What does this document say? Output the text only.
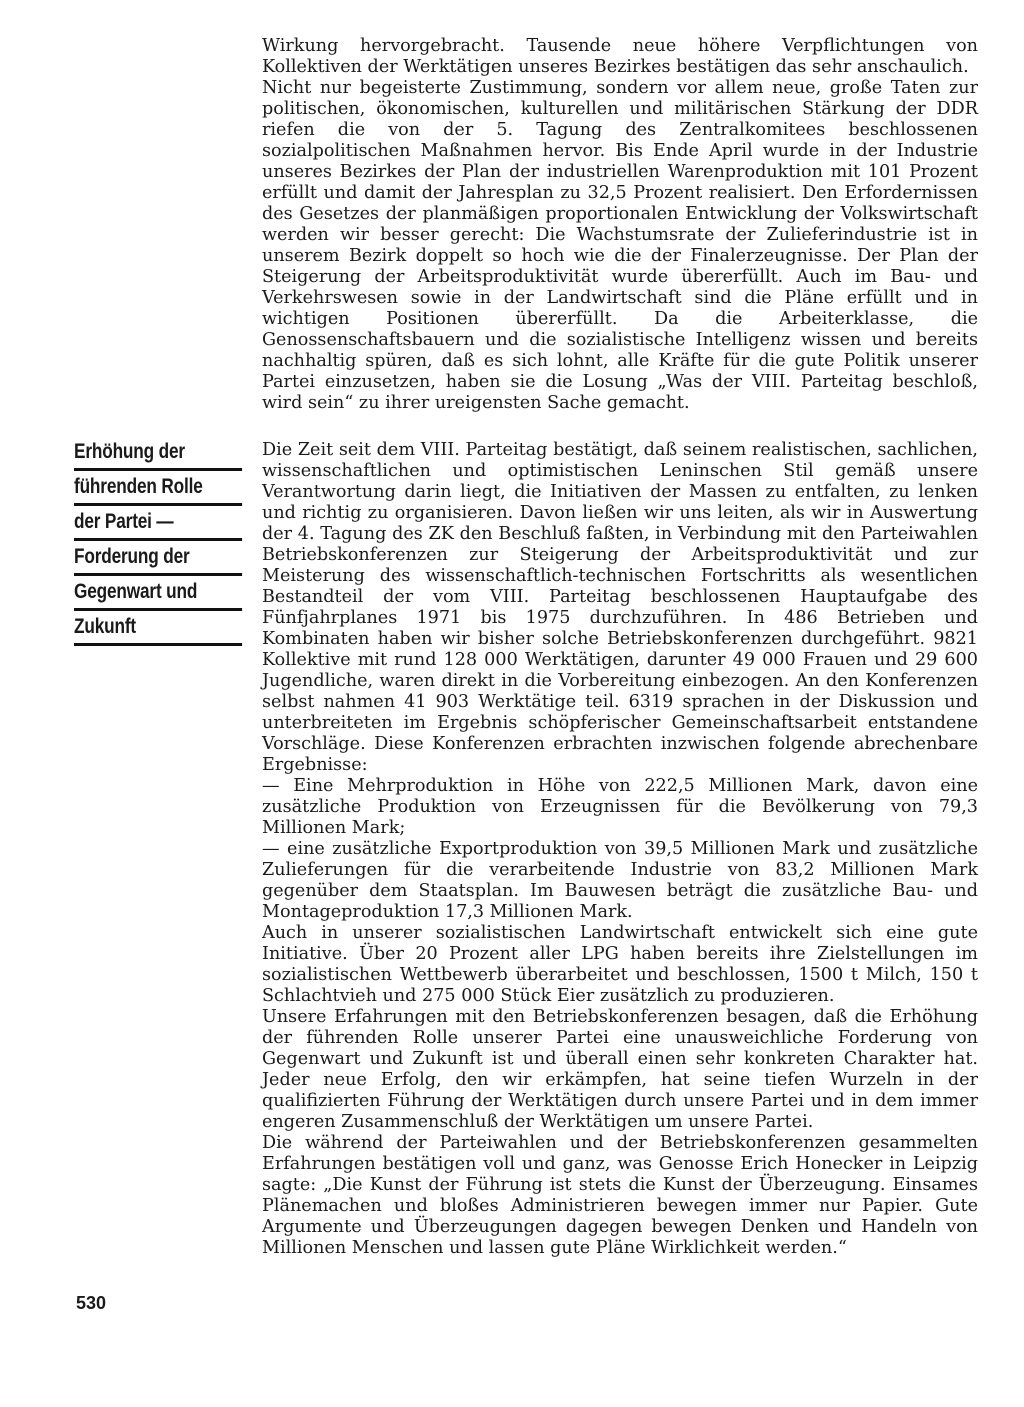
Wirkung hervorgebracht. Tausende neue höhere Verpflichtungen von Kollektiven der Werktätigen unseres Bezirkes bestätigen das sehr anschaulich.

Nicht nur begeisterte Zustimmung, sondern vor allem neue, große Taten zur politischen, ökonomischen, kulturellen und militärischen Stärkung der DDR riefen die von der 5. Tagung des Zentralkomitees beschlossenen sozialpolitischen Maßnahmen hervor. Bis Ende April wurde in der Industrie unseres Bezirkes der Plan der industriellen Warenproduktion mit 101 Prozent erfüllt und damit der Jahresplan zu 32,5 Prozent realisiert. Den Erfordernissen des Gesetzes der planmäßigen proportionalen Entwicklung der Volkswirtschaft werden wir besser gerecht: Die Wachstumsrate der Zulieferindustrie ist in unserem Bezirk doppelt so hoch wie die der Finalerzeugnisse. Der Plan der Steigerung der Arbeitsproduktivität wurde übererfüllt. Auch im Bau- und Verkehrswesen sowie in der Landwirtschaft sind die Pläne erfüllt und in wichtigen Positionen übererfüllt. Da die Arbeiterklasse, die Genossenschaftsbauern und die sozialistische Intelligenz wissen und bereits nachhaltig spüren, daß es sich lohnt, alle Kräfte für die gute Politik unserer Partei einzusetzen, haben sie die Losung „Was der VIII. Parteitag beschloß, wird sein“ zu ihrer ureigensten Sache gemacht.

Erhöhung der
führenden Rolle
der Partei —
Forderung der
Gegenwart und
Zukunft

Die Zeit seit dem VIII. Parteitag bestätigt, daß seinem realistischen, sachlichen, wissenschaftlichen und optimistischen Leninschen Stil gemäß unsere Verantwortung darin liegt, die Initiativen der Massen zu entfalten, zu lenken und richtig zu organisieren. Davon ließen wir uns leiten, als wir in Auswertung der 4. Tagung des ZK den Beschluß faßten, in Verbindung mit den Parteiwahlen Betriebskonferenzen zur Steigerung der Arbeitsproduktivität und zur Meisterung des wissenschaftlich-technischen Fortschritts als wesentlichen Bestandteil der vom VIII. Parteitag beschlossenen Hauptaufgabe des Fünfjahrplanes 1971 bis 1975 durchzuführen. In 486 Betrieben und Kombinaten haben wir bisher solche Betriebskonferenzen durchgeführt. 9821 Kollektive mit rund 128 000 Werktätigen, darunter 49 000 Frauen und 29 600 Jugendliche, waren direkt in die Vorbereitung einbezogen. An den Konferenzen selbst nahmen 41 903 Werktätige teil. 6319 sprachen in der Diskussion und unterbreiteten im Ergebnis schöpferischer Gemeinschaftsarbeit entstandene Vorschläge. Diese Konferenzen erbrachten inzwischen folgende abrechenbare Ergebnisse:

— Eine Mehrproduktion in Höhe von 222,5 Millionen Mark, davon eine zusätzliche Produktion von Erzeugnissen für die Bevölkerung von 79,3 Millionen Mark;

— eine zusätzliche Exportproduktion von 39,5 Millionen Mark und zusätzliche Zulieferungen für die verarbeitende Industrie von 83,2 Millionen Mark gegenüber dem Staatsplan. Im Bauwesen beträgt die zusätzliche Bau- und Montageproduktion 17,3 Millionen Mark.

Auch in unserer sozialistischen Landwirtschaft entwickelt sich eine gute Initiative. Über 20 Prozent aller LPG haben bereits ihre Zielstellungen im sozialistischen Wettbewerb überarbeitet und beschlossen, 1500 t Milch, 150 t Schlachtvieh und 275 000 Stück Eier zusätzlich zu produzieren.

Unsere Erfahrungen mit den Betriebskonferenzen besagen, daß die Erhöhung der führenden Rolle unserer Partei eine unausweichliche Forderung von Gegenwart und Zukunft ist und überall einen sehr konkreten Charakter hat. Jeder neue Erfolg, den wir erkämpfen, hat seine tiefen Wurzeln in der qualifizierten Führung der Werktätigen durch unsere Partei und in dem immer engeren Zusammenschluß der Werktätigen um unsere Partei.

Die während der Parteiwahlen und der Betriebskonferenzen gesammelten Erfahrungen bestätigen voll und ganz, was Genosse Erich Honecker in Leipzig sagte: „Die Kunst der Führung ist stets die Kunst der Überzeugung. Einsames Plänemachen und bloßes Administrieren bewegen immer nur Papier. Gute Argumente und Überzeugungen dagegen bewegen Denken und Handeln von Millionen Menschen und lassen gute Pläne Wirklichkeit werden.“

530
